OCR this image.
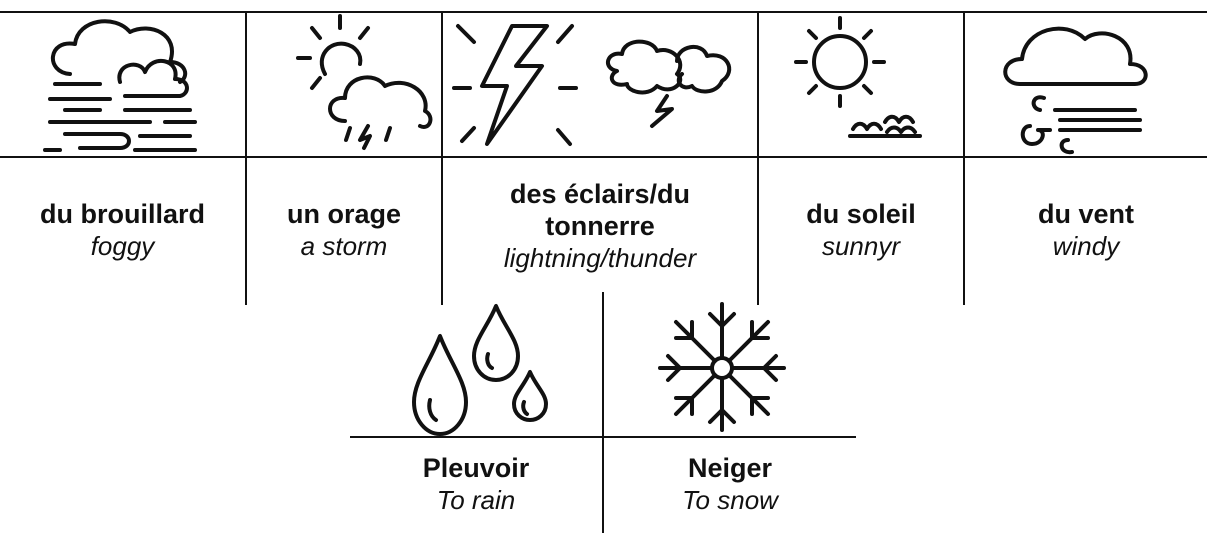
du brouillard
foggy
un orage
a storm
des éclairs/du tonnerre
lightning/thunder
du soleil
sunnyr
du vent
windy
Pleuvoir
To rain
Neiger
To snow
